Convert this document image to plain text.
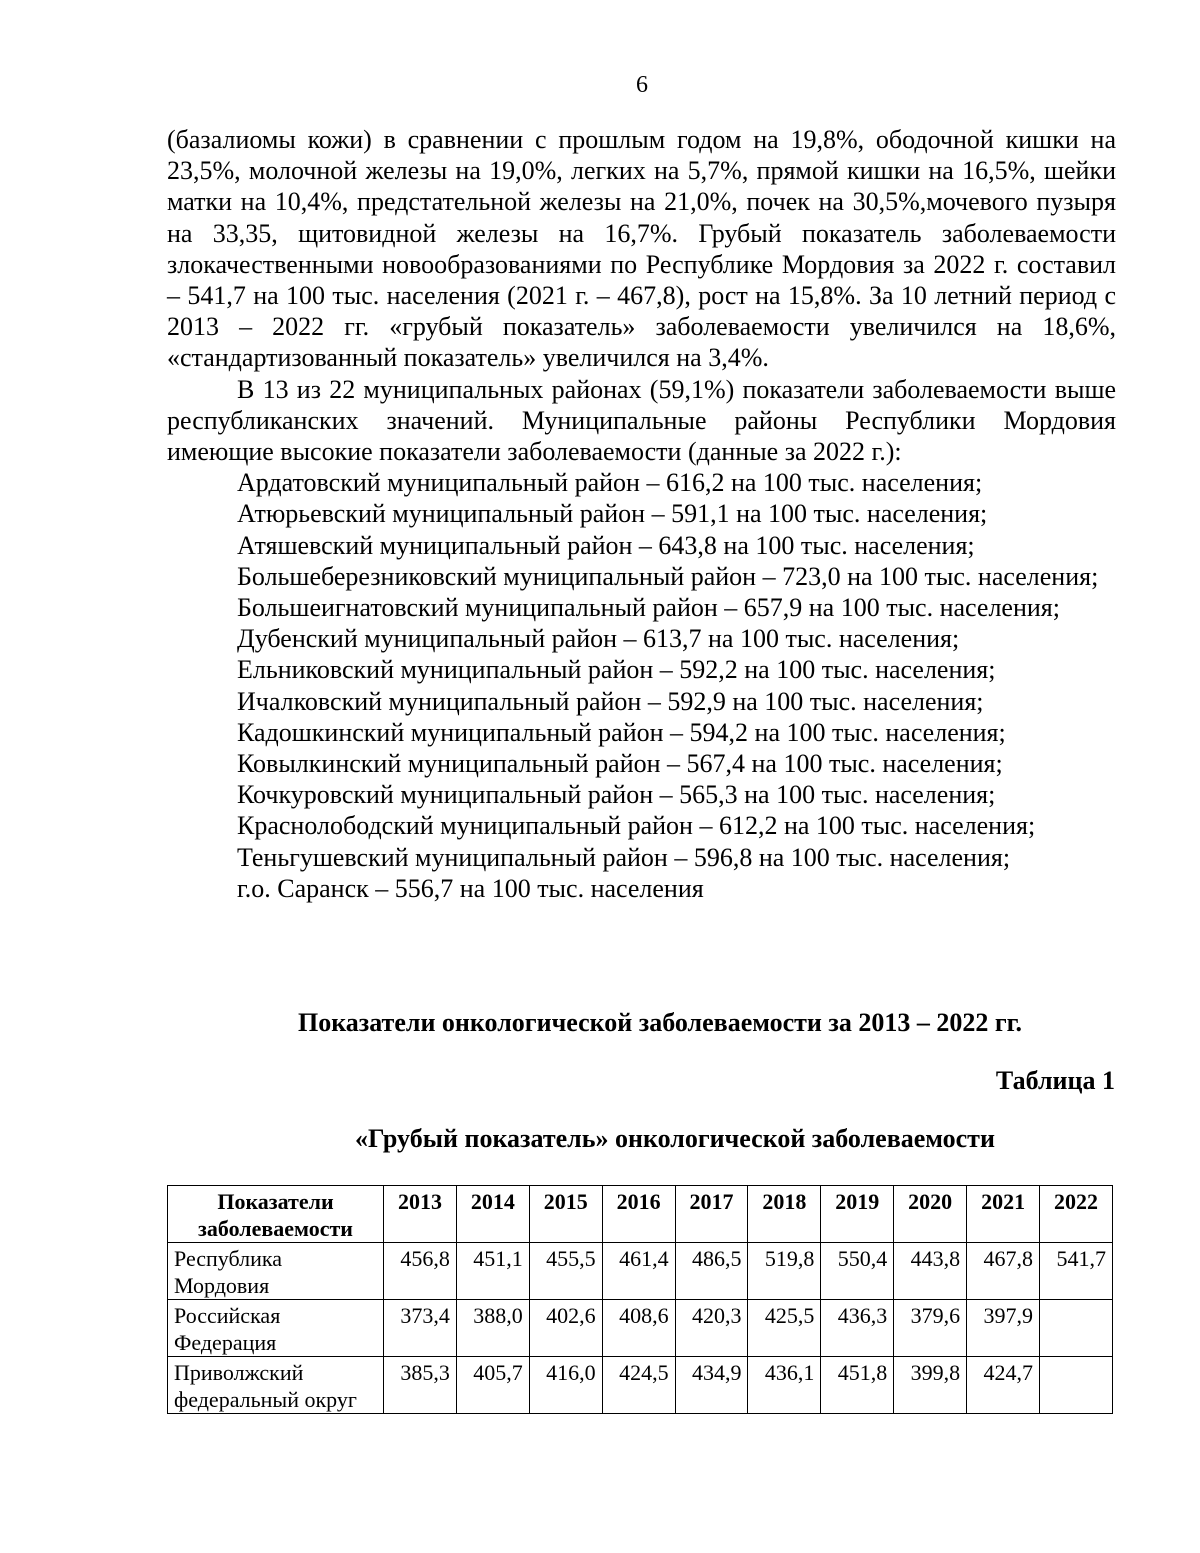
6

(базалиомы кожи) в сравнении с прошлым годом на 19,8%, ободочной кишки на 23,5%, молочной железы на 19,0%, легких на 5,7%, прямой кишки на 16,5%, шейки матки на 10,4%, предстательной железы на 21,0%, почек на 30,5%,мочевого пузыря на 33,35, щитовидной железы на 16,7%. Грубый показатель заболеваемости злокачественными новообразованиями по Республике Мордовия за 2022 г. составил – 541,7 на 100 тыс. населения (2021 г. – 467,8), рост на 15,8%. За 10 летний период с 2013 – 2022 гг. «грубый показатель» заболеваемости увеличился на 18,6%, «стандартизованный показатель» увеличился на 3,4%.

В 13 из 22 муниципальных районах (59,1%) показатели заболеваемости выше республиканских значений. Муниципальные районы Республики Мордовия имеющие высокие показатели заболеваемости (данные за 2022 г.):

Ардатовский муниципальный район – 616,2 на 100 тыс. населения;

Атюрьевский муниципальный район – 591,1 на 100 тыс. населения;

Атяшевский муниципальный район – 643,8 на 100 тыс. населения;

Большеберезниковский муниципальный район – 723,0 на 100 тыс. населения;

Большеигнатовский муниципальный район – 657,9 на 100 тыс. населения;

Дубенский муниципальный район – 613,7 на 100 тыс. населения;

Ельниковский муниципальный район – 592,2 на 100 тыс. населения;

Ичалковский муниципальный район – 592,9 на 100 тыс. населения;

Кадошкинский муниципальный район – 594,2 на 100 тыс. населения;

Ковылкинский муниципальный район – 567,4 на 100 тыс. населения;

Кочкуровский муниципальный район – 565,3 на 100 тыс. населения;

Краснолободский муниципальный район – 612,2 на 100 тыс. населения;

Теньгушевский муниципальный район – 596,8 на 100 тыс. населения;

г.о. Саранск – 556,7 на 100 тыс. населения

Показатели онкологической заболеваемости за 2013 – 2022 гг.
Таблица 1
«Грубый показатель» онкологической заболеваемости
Показатели заболеваемости	2013	2014	2015	2016	2017	2018	2019	2020	2021	2022
Республика Мордовия	456,8	451,1	455,5	461,4	486,5	519,8	550,4	443,8	467,8	541,7
Российская Федерация	373,4	388,0	402,6	408,6	420,3	425,5	436,3	379,6	397,9	
Приволжский федеральный округ	385,3	405,7	416,0	424,5	434,9	436,1	451,8	399,8	424,7	
